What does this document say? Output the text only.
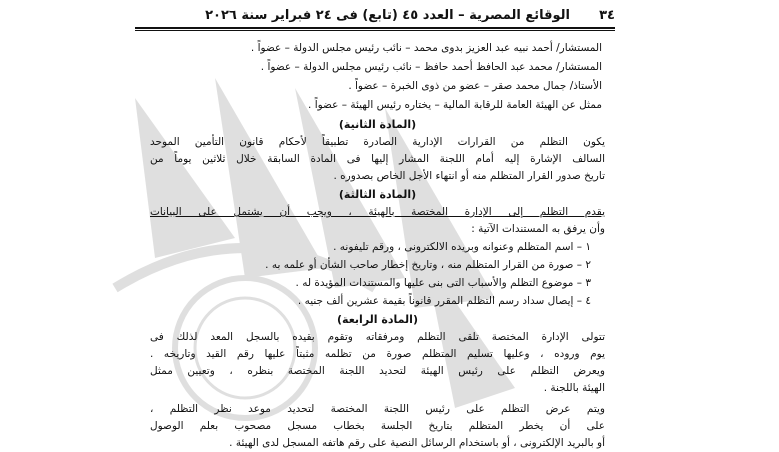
٣٤
الوقائع المصرية – العدد ٤٥ (تابع) فى ٢٤ فبراير سنة ٢٠٢٦

المستشار/ أحمد نبيه عبد العزيز بدوى محمد – نائب رئيس مجلس الدولة – عضواً .

المستشار/ محمد عبد الحافظ أحمد حافظ – نائب رئيس مجلس الدولة – عضواً .

الأستاذ/ جمال محمد صقر – عضو من ذوى الخبرة – عضواً .

ممثل عن الهيئة العامة للرقابة المالية – يختاره رئيس الهيئة – عضواً .

(المادة الثانية)

يكون التظلم من القرارات الإدارية الصادرة تطبيقاً لأحكام قانون التأمين الموحد

السالف الإشارة إليه أمام اللجنة المشار إليها فى المادة السابقة خلال ثلاثين يوماً من

تاريخ صدور القرار المتظلم منه أو انتهاء الأجل الخاص بصدوره .

(المادة الثالثة)

يقدم التظلم إلى الإدارة المختصة بالهيئة ، ويجب أن يشتمل على البيانات

وأن يرفق به المستندات الآتية :

١ – اسم المتظلم وعنوانه وبريده الالكترونى ، ورقم تليفونه .

٢ – صورة من القرار المتظلم منه ، وتاريخ إخطار صاحب الشأن أو علمه به .

٣ – موضوع التظلم والأسباب التى بنى عليها والمستندات المؤيدة له .

٤ – إيصال سداد رسم التظلم المقرر قانوناً بقيمة عشرين ألف جنيه .

(المادة الرابعة)

تتولى الإدارة المختصة تلقى التظلم ومرفقاته وتقوم بقيده بالسجل المعد لذلك فى

يوم وروده ، وعليها تسليم المتظلم صورة من تظلمه مثبتاً عليها رقم القيد وتاريخه .

ويعرض التظلم على رئيس الهيئة لتحديد اللجنة المختصة بنظره ، وتعيين ممثل

الهيئة باللجنة .

ويتم عرض التظلم على رئيس اللجنة المختصة لتحديد موعد نظر التظلم ،

على أن يخطر المتظلم بتاريخ الجلسة بخطاب مسجل مصحوب بعلم الوصول

أو بالبريد الإلكترونى ، أو باستخدام الرسائل النصية على رقم هاتفه المسجل لدى الهيئة .
